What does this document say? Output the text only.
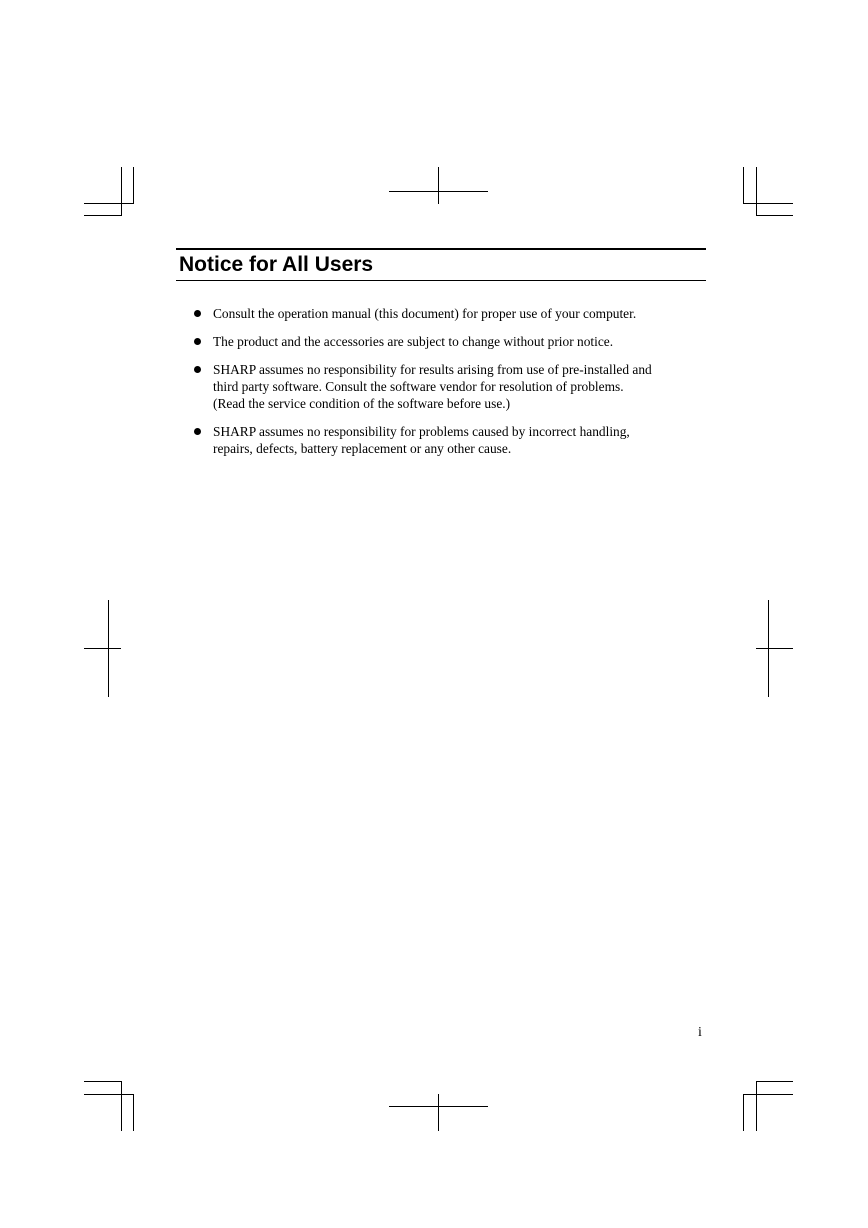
Notice for All Users
Consult the operation manual (this document) for proper use of your computer.
The product and the accessories are subject to change without prior notice.
SHARP assumes no responsibility for results arising from use of pre-installed and
third party software. Consult the software vendor for resolution of problems.
(Read the service condition of the software before use.)
SHARP assumes no responsibility for problems caused by incorrect handling,
repairs, defects, battery replacement or any other cause.
i
